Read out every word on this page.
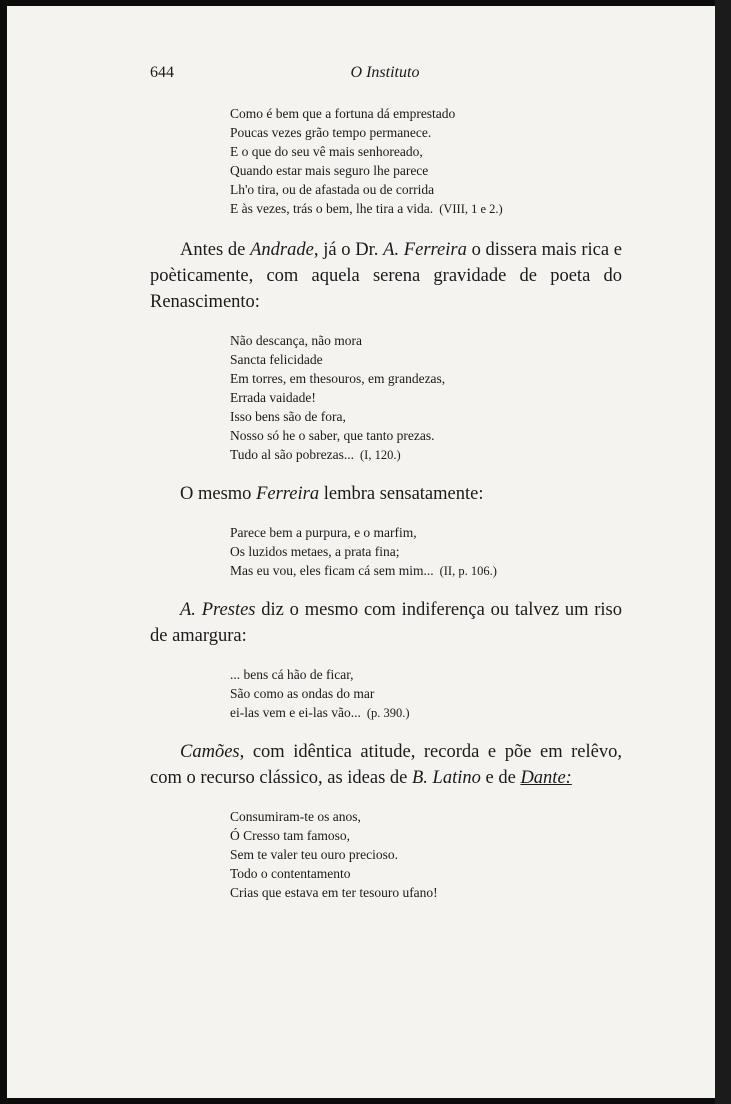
644	O Instituto
Como é bem que a fortuna dá emprestado
Poucas vezes grão tempo permanece.
E o que do seu vê mais senhoreado,
Quando estar mais seguro lhe parece
Lh'o tira, ou de afastada ou de corrida
E às vezes, trás o bem, lhe tira a vida. (VIII, 1 e 2.)

Antes de Andrade, já o Dr. A. Ferreira o dissera mais rica e poèticamente, com aquela serena gravidade de poeta do Renascimento:

Não descança, não mora
Sancta felicidade
Em torres, em thesouros, em grandezas,
Errada vaidade!
Isso bens são de fora,
Nosso só he o saber, que tanto prezas.
Tudo al são pobrezas... (I, 120.)

O mesmo Ferreira lembra sensatamente:

Parece bem a purpura, e o marfim,
Os luzidos metaes, a prata fina;
Mas eu vou, eles ficam cá sem mim... (II, p. 106.)

A. Prestes diz o mesmo com indiferença ou talvez um riso de amargura:

... bens cá hão de ficar,
São como as ondas do mar
ei-las vem e ei-las vão... (p. 390.)

Camões, com idêntica atitude, recorda e põe em relêvo, com o recurso clássico, as ideas de B. Latino e de Dante:

Consumiram-te os anos,
Ó Cresso tam famoso,
Sem te valer teu ouro precioso.
Todo o contentamento
Crias que estava em ter tesouro ufano!
